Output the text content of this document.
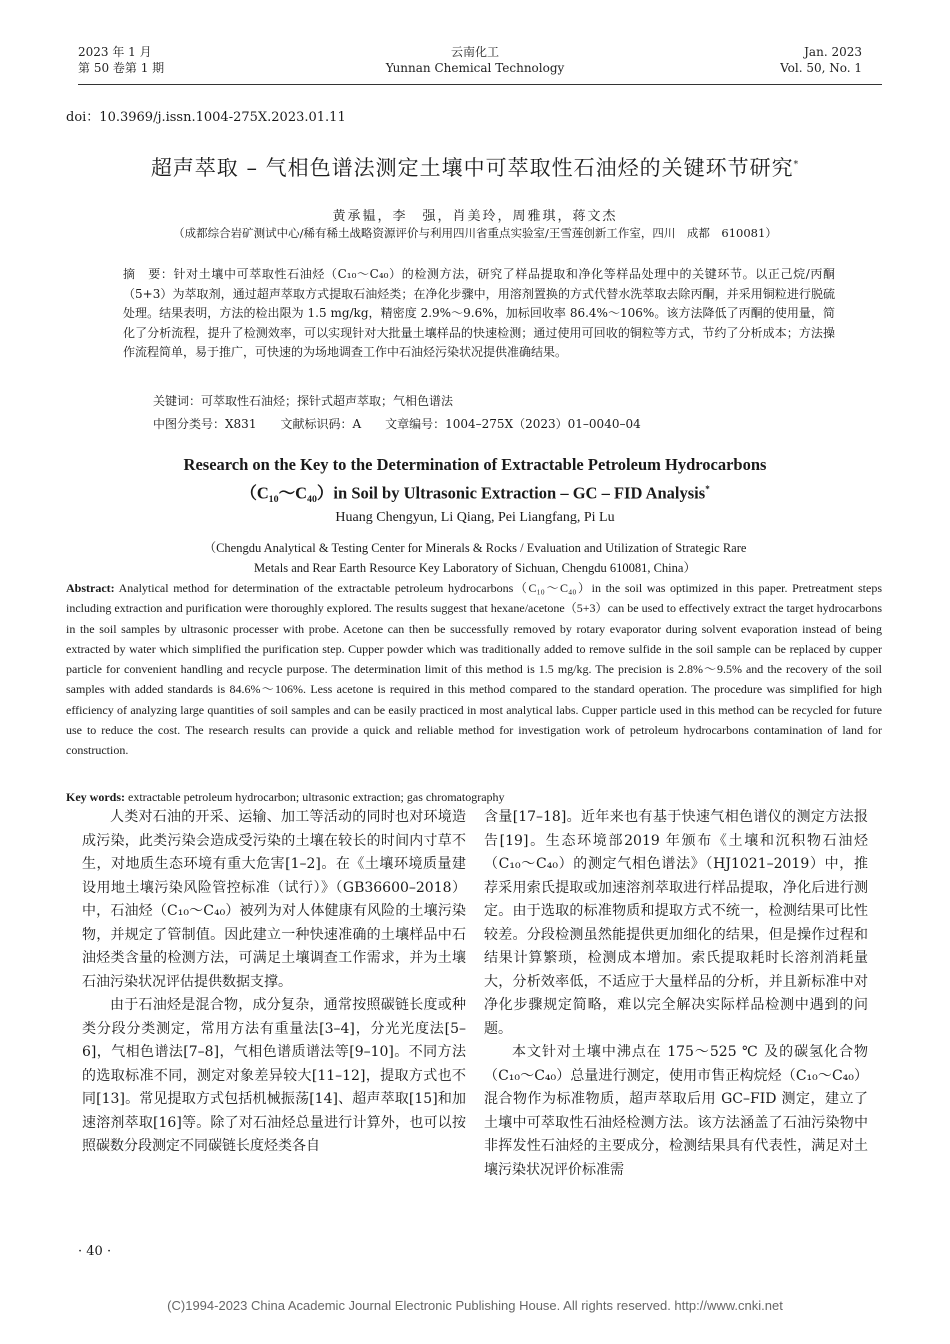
2023 年 1 月
第 50 卷第 1 期
云南化工
Yunnan Chemical Technology
Jan. 2023
Vol. 50, No. 1
doi：10.3969/j.issn.1004-275X.2023.01.11
超声萃取 – 气相色谱法测定土壤中可萃取性石油烃的关键环节研究*
黄承韫，李　强，肖美玲，周雅琪，蒋文杰
（成都综合岩矿测试中心/稀有稀土战略资源评价与利用四川省重点实验室/王雪莲创新工作室，四川　成都　610081）
摘　要：针对土壤中可萃取性石油烃（C₁₀～C₄₀）的检测方法，研究了样品提取和净化等样品处理中的关键环节。以正己烷/丙酮（5+3）为萃取剂，通过超声萃取方式提取石油烃类；在净化步骤中，用溶剂置换的方式代替水洗萃取去除丙酮，并采用铜粒进行脱硫处理。结果表明，方法的检出限为 1.5 mg/kg，精密度 2.9%～9.6%，加标回收率 86.4%～106%。该方法降低了丙酮的使用量，简化了分析流程，提升了检测效率，可以实现针对大批量土壤样品的快速检测；通过使用可回收的铜粒等方式，节约了分析成本；方法操作流程简单，易于推广，可快速的为场地调查工作中石油烃污染状况提供准确结果。
关键词：可萃取性石油烃；探针式超声萃取；气相色谱法
中图分类号：X831 文献标识码：A 文章编号：1004–275X（2023）01–0040–04
Research on the Key to the Determination of Extractable Petroleum Hydrocarbons
（C₁₀～C₄₀）in Soil by Ultrasonic Extraction – GC – FID Analysis*
Huang Chengyun, Li Qiang, Pei Liangfang, Pi Lu
（Chengdu Analytical & Testing Center for Minerals & Rocks / Evaluation and Utilization of Strategic Rare
Metals and Rear Earth Resource Key Laboratory of Sichuan, Chengdu 610081, China）
Abstract: Analytical method for determination of the extractable petroleum hydrocarbons（C₁₀～C₄₀）in the soil was optimized in this paper. Pretreatment steps including extraction and purification were thoroughly explored. The results suggest that hexane/acetone（5+3）can be used to effectively extract the target hydrocarbons in the soil samples by ultrasonic processer with probe. Acetone can then be successfully removed by rotary evaporator during solvent evaporation instead of being extracted by water which simplified the purification step. Cupper powder which was traditionally added to remove sulfide in the soil sample can be replaced by cupper particle for convenient handling and recycle purpose. The determination limit of this method is 1.5 mg/kg. The precision is 2.8%～9.5% and the recovery of the soil samples with added standards is 84.6%～106%. Less acetone is required in this method compared to the standard operation. The procedure was simplified for high efficiency of analyzing large quantities of soil samples and can be easily practiced in most analytical labs. Cupper particle used in this method can be recycled for future use to reduce the cost. The research results can provide a quick and reliable method for investigation work of petroleum hydrocarbons contamination of land for construction.
Key words: extractable petroleum hydrocarbon; ultrasonic extraction; gas chromatography

人类对石油的开采、运输、加工等活动的同时也对环境造成污染，此类污染会造成受污染的土壤在较长的时间内寸草不生，对地质生态环境有重大危害[1–2]。在《土壤环境质量建设用地土壤污染风险管控标准（试行）》（GB36600–2018）中，石油烃（C₁₀～C₄₀）被列为对人体健康有风险的土壤污染物，并规定了管制值。因此建立一种快速准确的土壤样品中石油烃类含量的检测方法，可满足土壤调查工作需求，并为土壤石油污染状况评估提供数据支撑。

由于石油烃是混合物，成分复杂，通常按照碳链长度或种类分段分类测定，常用方法有重量法[3–4]，分光光度法[5–6]，气相色谱法[7–8]，气相色谱质谱法等[9–10]。不同方法的选取标准不同，测定对象差异较大[11–12]，提取方式也不同[13]。常见提取方式包括机械振荡[14]、超声萃取[15]和加速溶剂萃取[16]等。除了对石油烃总量进行计算外，也可以按照碳数分段测定不同碳链长度烃类各自

含量[17–18]。近年来也有基于快速气相色谱仪的测定方法报告[19]。生态环境部2019 年颁布《土壤和沉积物石油烃（C₁₀～C₄₀）的测定气相色谱法》（HJ1021–2019）中，推荐采用索氏提取或加速溶剂萃取进行样品提取，净化后进行测定。由于选取的标准物质和提取方式不统一，检测结果可比性较差。分段检测虽然能提供更加细化的结果，但是操作过程和结果计算繁琐，检测成本增加。索氏提取耗时长溶剂消耗量大，分析效率低，不适应于大量样品的分析，并且新标准中对净化步骤规定简略，难以完全解决实际样品检测中遇到的问题。

本文针对土壤中沸点在 175～525 ℃ 及的碳氢化合物（C₁₀～C₄₀）总量进行测定，使用市售正构烷烃（C₁₀～C₄₀）混合物作为标准物质，超声萃取后用 GC–FID 测定，建立了土壤中可萃取性石油烃检测方法。该方法涵盖了石油污染物中非挥发性石油烃的主要成分，检测结果具有代表性，满足对土壤污染状况评价标准需

· 40 ·
(C)1994-2023 China Academic Journal Electronic Publishing House. All rights reserved. http://www.cnki.net
